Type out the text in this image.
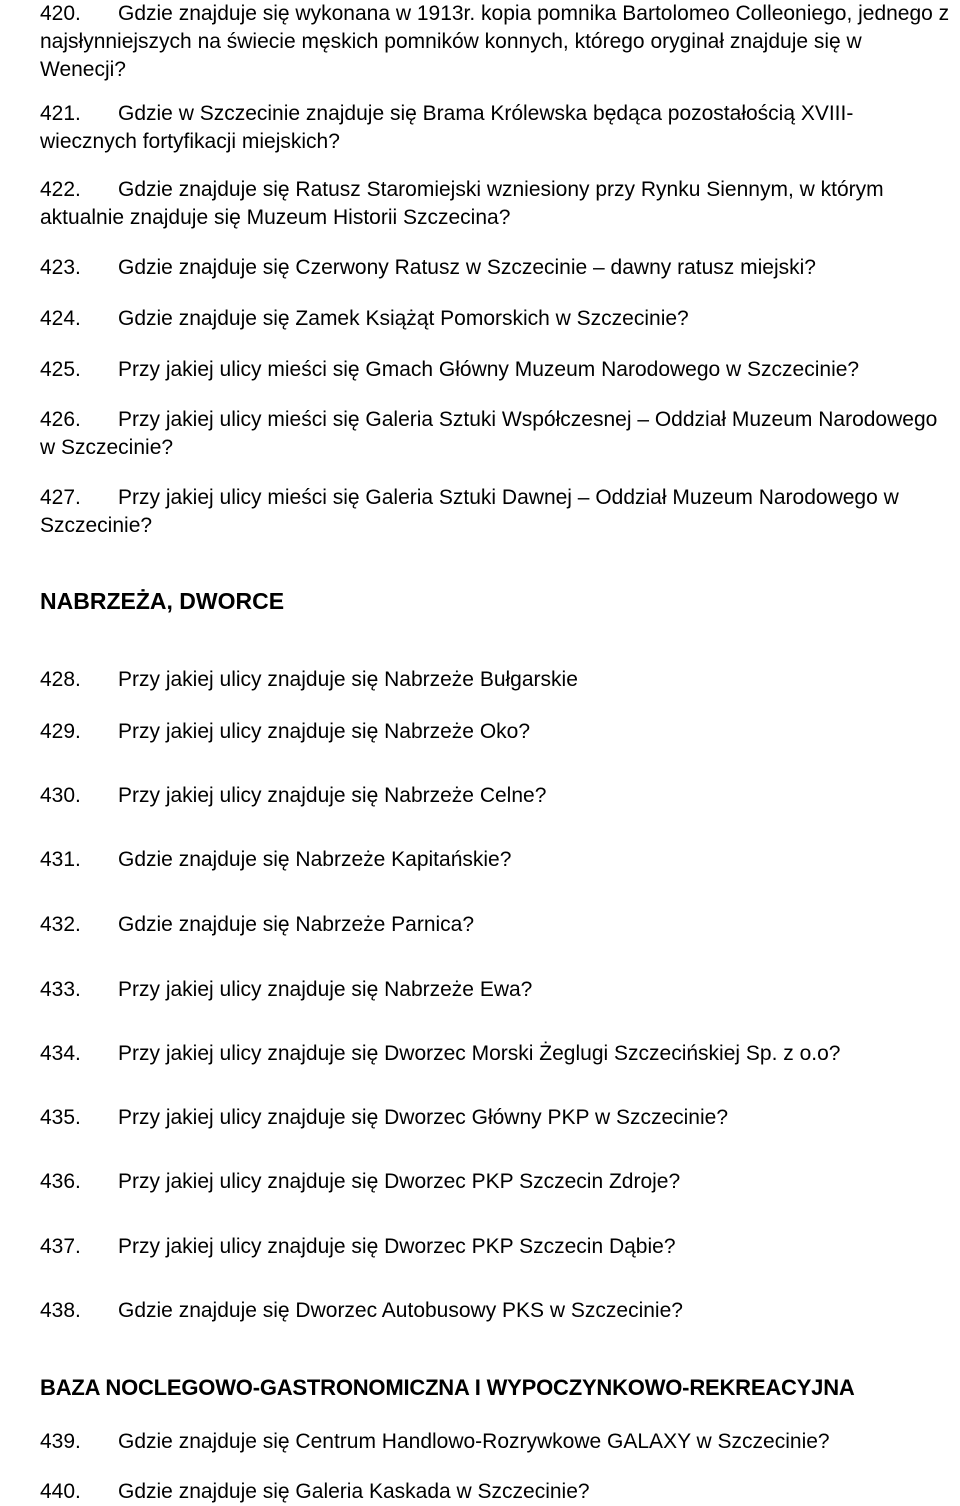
420. Gdzie znajduje się wykonana w 1913r. kopia pomnika Bartolomeo Colleoniego, jednego z najsłynniejszych na świecie męskich pomników konnych, którego oryginał znajduje się w Wenecji?
421. Gdzie w Szczecinie znajduje się Brama Królewska będąca pozostałością XVIII-wiecznych fortyfikacji miejskich?
422. Gdzie znajduje się Ratusz Staromiejski wzniesiony przy Rynku Siennym, w którym aktualnie znajduje się Muzeum Historii Szczecina?
423. Gdzie znajduje się Czerwony Ratusz w Szczecinie – dawny ratusz miejski?
424. Gdzie znajduje się Zamek Książąt Pomorskich w Szczecinie?
425. Przy jakiej ulicy mieści się Gmach Główny Muzeum Narodowego w Szczecinie?
426. Przy jakiej ulicy mieści się Galeria Sztuki Współczesnej – Oddział Muzeum Narodowego w Szczecinie?
427. Przy jakiej ulicy mieści się Galeria Sztuki Dawnej – Oddział Muzeum Narodowego w Szczecinie?
NABRZEŻA, DWORCE
428. Przy jakiej ulicy znajduje się Nabrzeże Bułgarskie
429. Przy jakiej ulicy znajduje się Nabrzeże Oko?
430. Przy jakiej ulicy znajduje się Nabrzeże Celne?
431. Gdzie znajduje się Nabrzeże Kapitańskie?
432. Gdzie znajduje się Nabrzeże Parnica?
433. Przy jakiej ulicy znajduje się Nabrzeże Ewa?
434. Przy jakiej ulicy znajduje się Dworzec Morski Żeglugi Szczecińskiej Sp. z o.o?
435. Przy jakiej ulicy znajduje się Dworzec Główny PKP w Szczecinie?
436. Przy jakiej ulicy znajduje się Dworzec PKP Szczecin Zdroje?
437. Przy jakiej ulicy znajduje się Dworzec PKP Szczecin Dąbie?
438. Gdzie znajduje się Dworzec Autobusowy PKS w Szczecinie?
BAZA NOCLEGOWO-GASTRONOMICZNA I WYPOCZYNKOWO-REKREACYJNA
439. Gdzie znajduje się Centrum Handlowo-Rozrywkowe GALAXY w Szczecinie?
440. Gdzie znajduje się Galeria Kaskada w Szczecinie?
